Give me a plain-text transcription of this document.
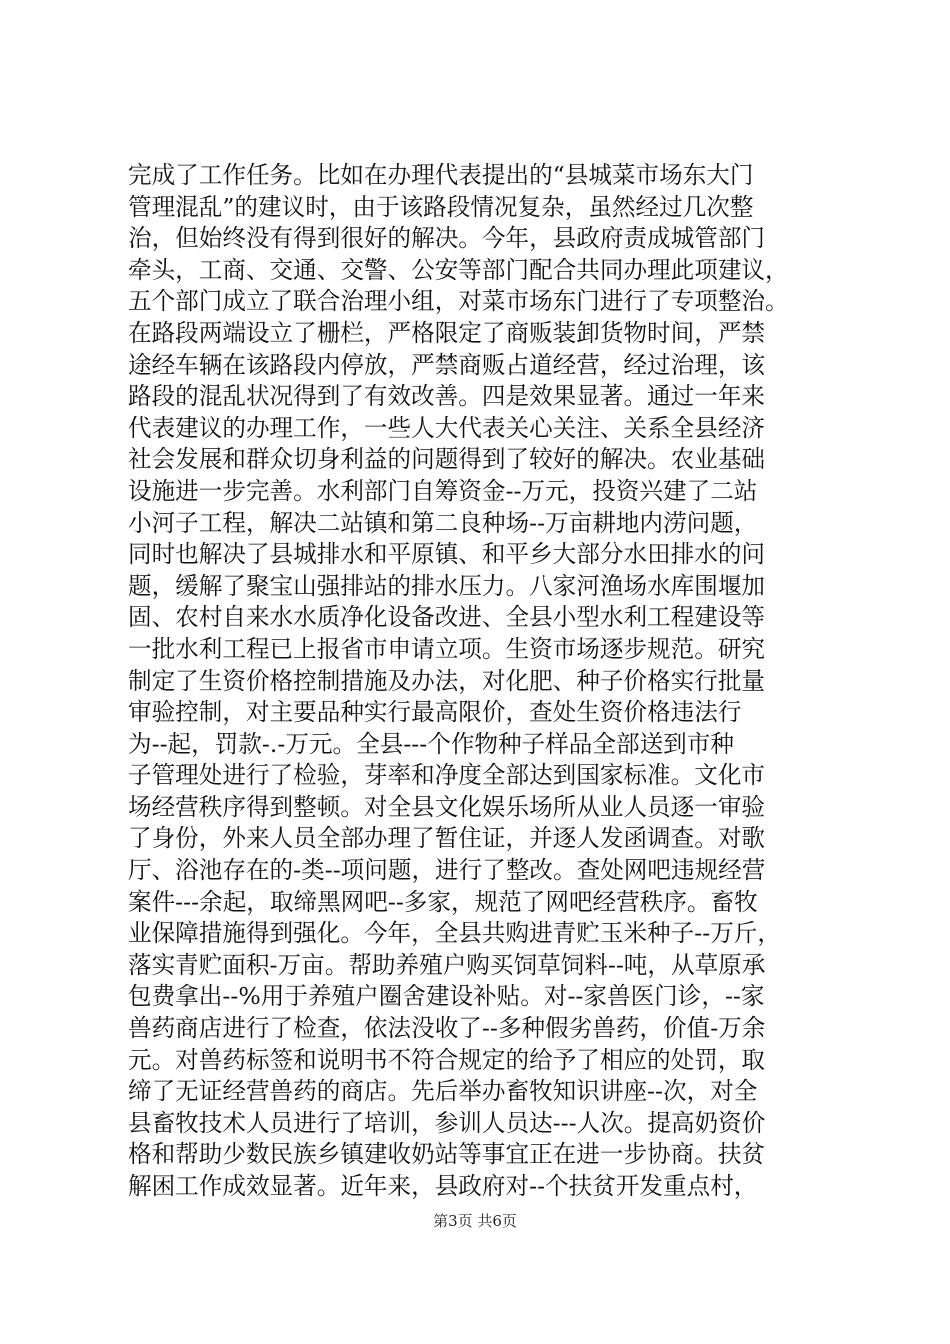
完成了工作任务。比如在办理代表提出的“县城菜市场东大门
管理混乱”的建议时，由于该路段情况复杂，虽然经过几次整
治，但始终没有得到很好的解决。今年，县政府责成城管部门
牵头，工商、交通、交警、公安等部门配合共同办理此项建议，
五个部门成立了联合治理小组，对菜市场东门进行了专项整治。
在路段两端设立了栅栏，严格限定了商贩装卸货物时间，严禁
途经车辆在该路段内停放，严禁商贩占道经营，经过治理，该
路段的混乱状况得到了有效改善。四是效果显著。通过一年来
代表建议的办理工作，一些人大代表关心关注、关系全县经济
社会发展和群众切身利益的问题得到了较好的解决。农业基础
设施进一步完善。水利部门自筹资金--万元，投资兴建了二站
小河子工程，解决二站镇和第二良种场--万亩耕地内涝问题，
同时也解决了县城排水和平原镇、和平乡大部分水田排水的问
题，缓解了聚宝山强排站的排水压力。八家河渔场水库围堰加
固、农村自来水水质净化设备改进、全县小型水利工程建设等
一批水利工程已上报省市申请立项。生资市场逐步规范。研究
制定了生资价格控制措施及办法，对化肥、种子价格实行批量
审验控制，对主要品种实行最高限价，查处生资价格违法行
为--起，罚款-.-万元。全县---个作物种子样品全部送到市种
子管理处进行了检验，芽率和净度全部达到国家标准。文化市
场经营秩序得到整顿。对全县文化娱乐场所从业人员逐一审验
了身份，外来人员全部办理了暂住证，并逐人发函调查。对歌
厅、浴池存在的-类--项问题，进行了整改。查处网吧违规经营
案件---余起，取缔黑网吧--多家，规范了网吧经营秩序。畜牧
业保障措施得到强化。今年，全县共购进青贮玉米种子--万斤，
落实青贮面积-万亩。帮助养殖户购买饲草饲料--吨，从草原承
包费拿出--%用于养殖户圈舍建设补贴。对--家兽医门诊，--家
兽药商店进行了检查，依法没收了--多种假劣兽药，价值-万余
元。对兽药标签和说明书不符合规定的给予了相应的处罚，取
缔了无证经营兽药的商店。先后举办畜牧知识讲座--次，对全
县畜牧技术人员进行了培训，参训人员达---人次。提高奶资价
格和帮助少数民族乡镇建收奶站等事宜正在进一步协商。扶贫
解困工作成效显著。近年来，县政府对--个扶贫开发重点村，
第3页 共6页
